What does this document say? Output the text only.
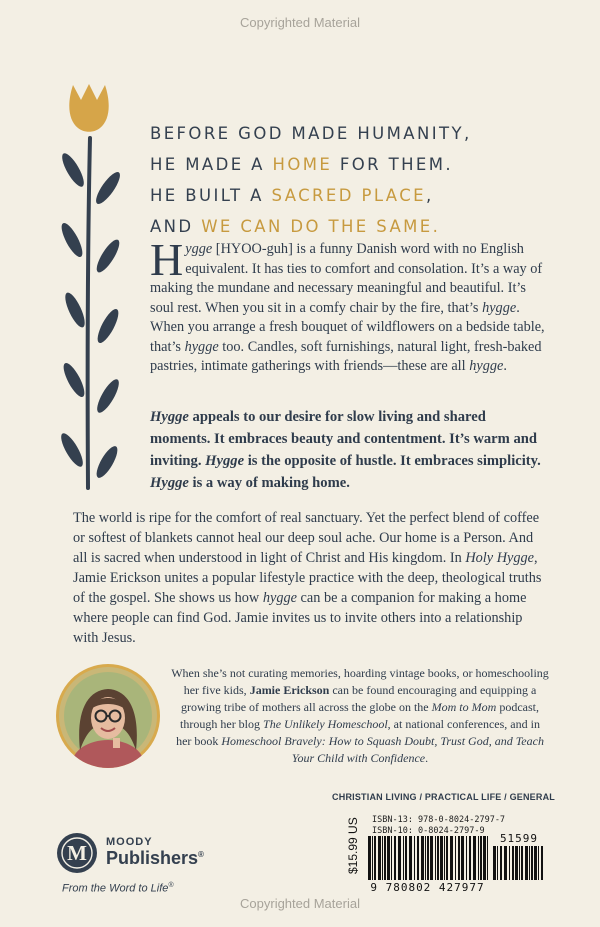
Copyrighted Material
BEFORE GOD MADE HUMANITY,
HE MADE A HOME FOR THEM.
HE BUILT A SACRED PLACE,
AND WE CAN DO THE SAME.
Hygge [HYOO-guh] is a funny Danish word with no English equivalent. It has ties to comfort and consolation. It’s a way of making the mundane and necessary meaningful and beautiful. It’s soul rest. When you sit in a comfy chair by the fire, that’s hygge. When you arrange a fresh bouquet of wildflowers on a bedside table, that’s hygge too. Candles, soft furnishings, natural light, fresh-baked pastries, intimate gatherings with friends—these are all hygge.
Hygge appeals to our desire for slow living and shared moments. It embraces beauty and contentment. It’s warm and inviting. Hygge is the opposite of hustle. It embraces simplicity. Hygge is a way of making home.
The world is ripe for the comfort of real sanctuary. Yet the perfect blend of coffee or softest of blankets cannot heal our deep soul ache. Our home is a Person. And all is sacred when understood in light of Christ and His kingdom. In Holy Hygge, Jamie Erickson unites a popular lifestyle practice with the deep, theological truths of the gospel. She shows us how hygge can be a companion for making a home where people can find God. Jamie invites us to invite others into a relationship with Jesus.
When she’s not curating memories, hoarding vintage books, or homeschooling
her five kids, Jamie Erickson can be found encouraging and equipping a
growing tribe of mothers all across the globe on the Mom to Mom podcast,
through her blog The Unlikely Homeschool, at national conferences, and in
her book Homeschool Bravely: How to Squash Doubt, Trust God, and Teach
Your Child with Confidence.
CHRISTIAN LIVING / PRACTICAL LIFE / GENERAL
M MOODY
Publishers®
From the Word to Life®
$15.99 US ISBN-13: 978-0-8024-2797-7
ISBN-10: 0-8024-2797-9
51599
9 780802 427977
Copyrighted Material
